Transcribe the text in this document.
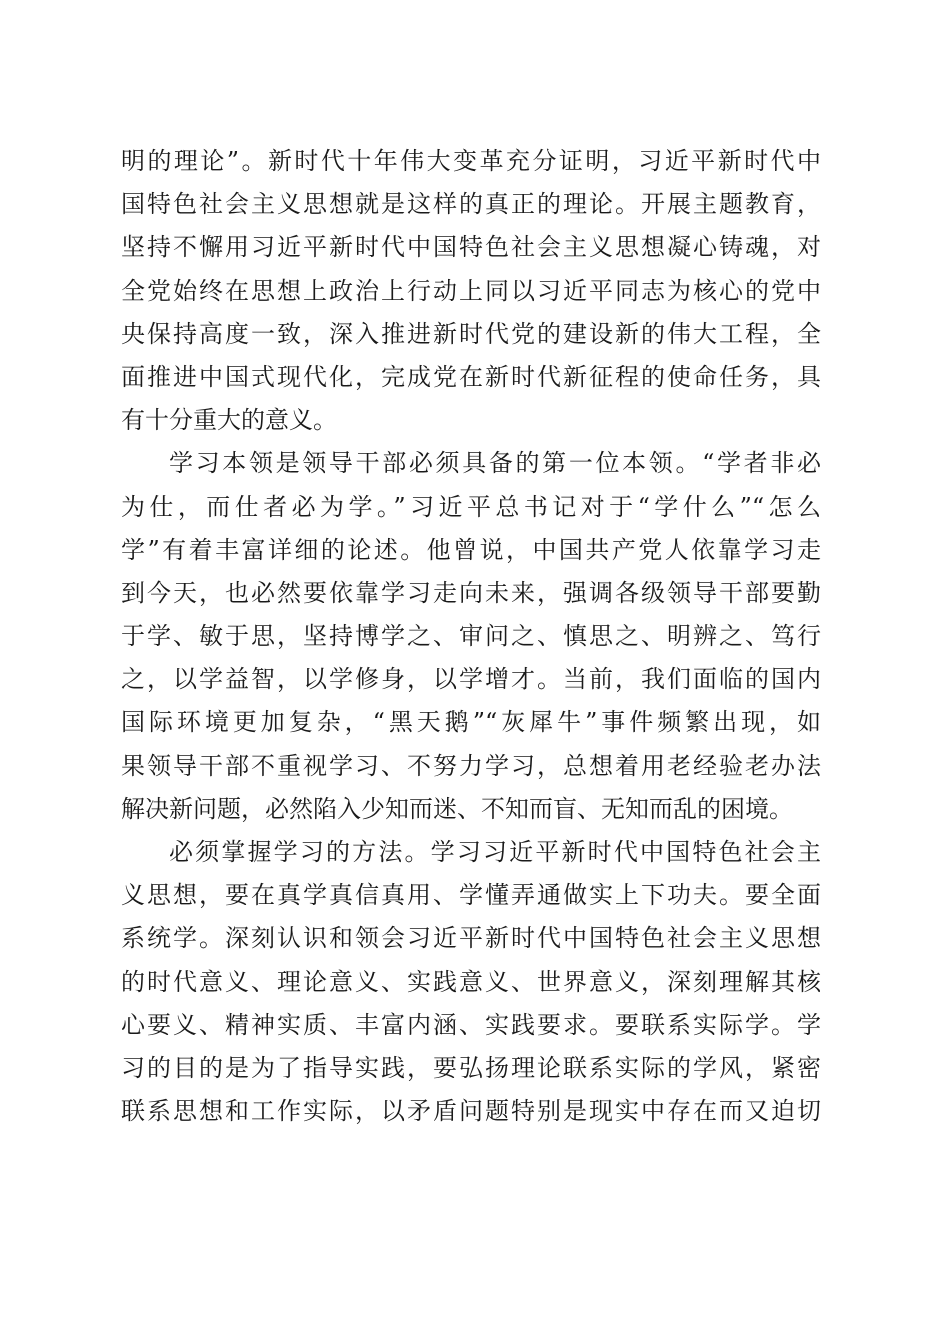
明的理论”。新时代十年伟大变革充分证明，习近平新时代中
国特色社会主义思想就是这样的真正的理论。开展主题教育，
坚持不懈用习近平新时代中国特色社会主义思想凝心铸魂，对
全党始终在思想上政治上行动上同以习近平同志为核心的党中
央保持高度一致，深入推进新时代党的建设新的伟大工程，全
面推进中国式现代化，完成党在新时代新征程的使命任务，具
有十分重大的意义。
学习本领是领导干部必须具备的第一位本领。“学者非必
为仕，而仕者必为学。”习近平总书记对于“学什么”“怎么
学”有着丰富详细的论述。他曾说，中国共产党人依靠学习走
到今天，也必然要依靠学习走向未来，强调各级领导干部要勤
于学、敏于思，坚持博学之、审问之、慎思之、明辨之、笃行
之，以学益智，以学修身，以学增才。当前，我们面临的国内
国际环境更加复杂，“黑天鹅”“灰犀牛”事件频繁出现，如
果领导干部不重视学习、不努力学习，总想着用老经验老办法
解决新问题，必然陷入少知而迷、不知而盲、无知而乱的困境。
必须掌握学习的方法。学习习近平新时代中国特色社会主
义思想，要在真学真信真用、学懂弄通做实上下功夫。要全面
系统学。深刻认识和领会习近平新时代中国特色社会主义思想
的时代意义、理论意义、实践意义、世界意义，深刻理解其核
心要义、精神实质、丰富内涵、实践要求。要联系实际学。学
习的目的是为了指导实践，要弘扬理论联系实际的学风，紧密
联系思想和工作实际，以矛盾问题特别是现实中存在而又迫切
